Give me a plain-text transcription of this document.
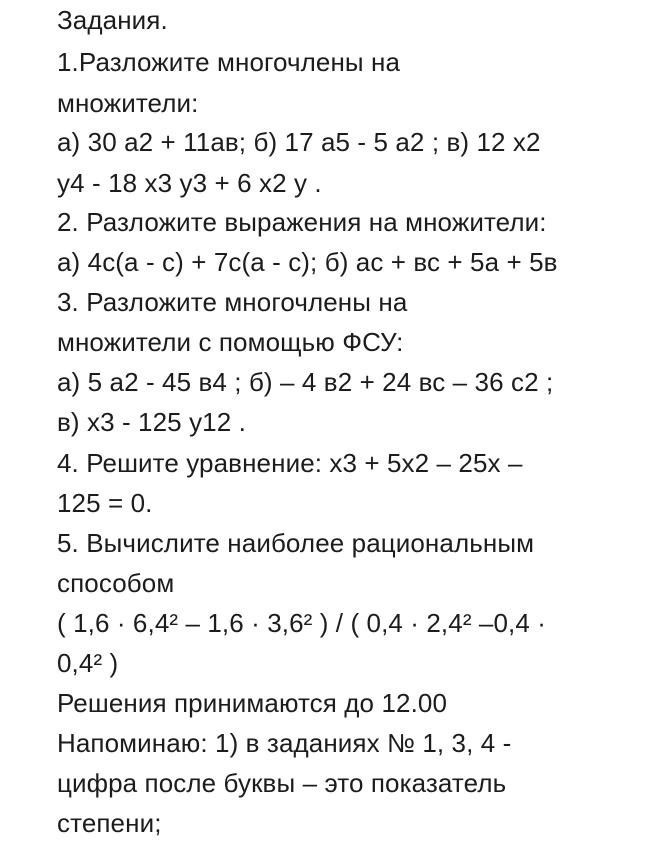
Задания.

1.Разложите многочлены на

множители:

а) 30 а2 + 11ав; б) 17 а5 - 5 а2 ; в) 12 х2

у4 - 18 х3 у3 + 6 х2 у .

2. Разложите выражения на множители:

а) 4с(а - с) + 7с(а - с); б) ас + вс + 5а + 5в

3. Разложите многочлены на

множители с помощью ФСУ:

а) 5 а2 - 45 в4 ; б) – 4 в2 + 24 вс – 36 с2 ;

в) х3 - 125 у12 .

4. Решите уравнение: х3 + 5х2 – 25х –

125 = 0.

5. Вычислите наиболее рациональным

способом

( 1,6 · 6,4² – 1,6 · 3,6² ) / ( 0,4 · 2,4² –0,4 ·

0,4² )

Решения принимаются до 12.00

Напоминаю: 1) в заданиях № 1, 3, 4 -

цифра после буквы – это показатель

степени;
